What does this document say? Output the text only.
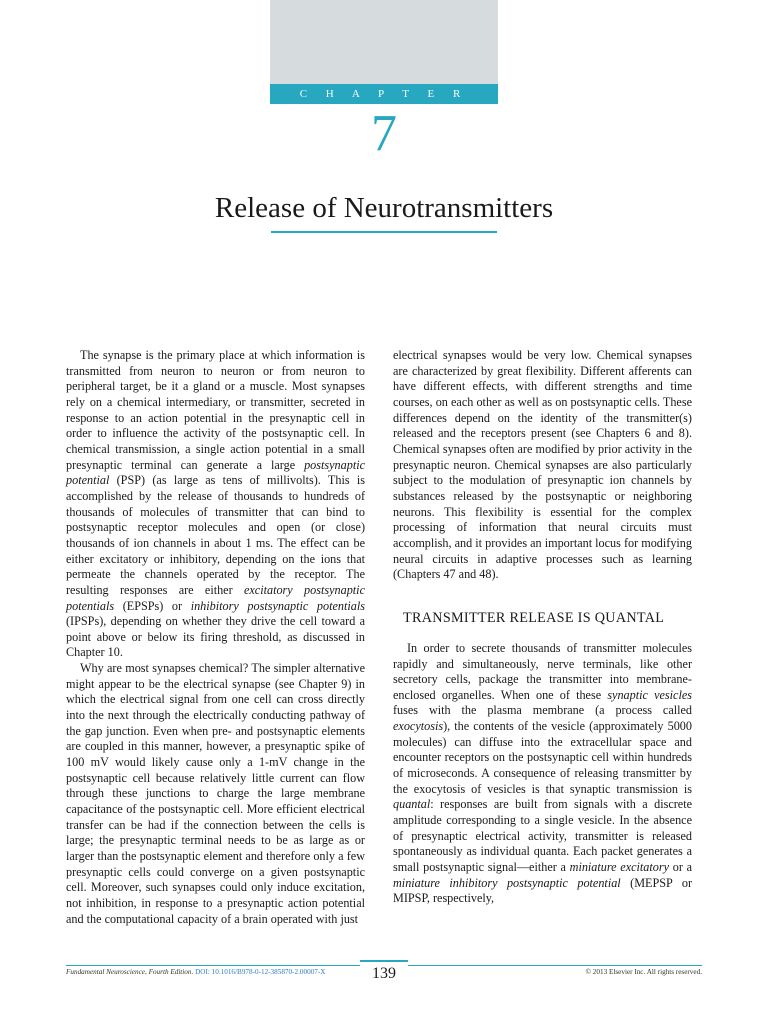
C H A P T E R
7
Release of Neurotransmitters

The synapse is the primary place at which information is transmitted from neuron to neuron or from neuron to peripheral target, be it a gland or a muscle. Most synapses rely on a chemical intermediary, or transmitter, secreted in response to an action potential in the presynaptic cell in order to influence the activity of the postsynaptic cell. In chemical transmission, a single action potential in a small presynaptic terminal can generate a large postsynaptic potential (PSP) (as large as tens of millivolts). This is accomplished by the release of thousands to hundreds of thousands of molecules of transmitter that can bind to postsynaptic receptor molecules and open (or close) thousands of ion channels in about 1 ms. The effect can be either excitatory or inhibitory, depending on the ions that permeate the channels operated by the receptor. The resulting responses are either excitatory postsynaptic potentials (EPSPs) or inhibitory postsynaptic potentials (IPSPs), depending on whether they drive the cell toward a point above or below its firing threshold, as discussed in Chapter 10.

Why are most synapses chemical? The simpler alternative might appear to be the electrical synapse (see Chapter 9) in which the electrical signal from one cell can cross directly into the next through the electrically conducting pathway of the gap junction. Even when pre- and postsynaptic elements are coupled in this manner, however, a presynaptic spike of 100 mV would likely cause only a 1-mV change in the postsynaptic cell because relatively little current can flow through these junctions to charge the large membrane capacitance of the postsynaptic cell. More efficient electrical transfer can be had if the connection between the cells is large; the presynaptic terminal needs to be as large as or larger than the postsynaptic element and therefore only a few presynaptic cells could converge on a given postsynaptic cell. Moreover, such synapses could only induce excitation, not inhibition, in response to a presynaptic action potential and the computational capacity of a brain operated with just

electrical synapses would be very low. Chemical synapses are characterized by great flexibility. Different afferents can have different effects, with different strengths and time courses, on each other as well as on postsynaptic cells. These differences depend on the identity of the transmitter(s) released and the receptors present (see Chapters 6 and 8). Chemical synapses often are modified by prior activity in the presynaptic neuron. Chemical synapses are also particularly subject to the modulation of presynaptic ion channels by substances released by the postsynaptic or neighboring neurons. This flexibility is essential for the complex processing of information that neural circuits must accomplish, and it provides an important locus for modifying neural circuits in adaptive processes such as learning (Chapters 47 and 48).

TRANSMITTER RELEASE IS QUANTAL

In order to secrete thousands of transmitter molecules rapidly and simultaneously, nerve terminals, like other secretory cells, package the transmitter into membrane-enclosed organelles. When one of these synaptic vesicles fuses with the plasma membrane (a process called exocytosis), the contents of the vesicle (approximately 5000 molecules) can diffuse into the extracellular space and encounter receptors on the postsynaptic cell within hundreds of microseconds. A consequence of releasing transmitter by the exocytosis of vesicles is that synaptic transmission is quantal: responses are built from signals with a discrete amplitude corresponding to a single vesicle. In the absence of presynaptic electrical activity, transmitter is released spontaneously as individual quanta. Each packet generates a small postsynaptic signal—either a miniature excitatory or a miniature inhibitory postsynaptic potential (MEPSP or MIPSP, respectively,

Fundamental Neuroscience, Fourth Edition. DOI: 10.1016/B978-0-12-385870-2.00007-X	139	© 2013 Elsevier Inc. All rights reserved.
